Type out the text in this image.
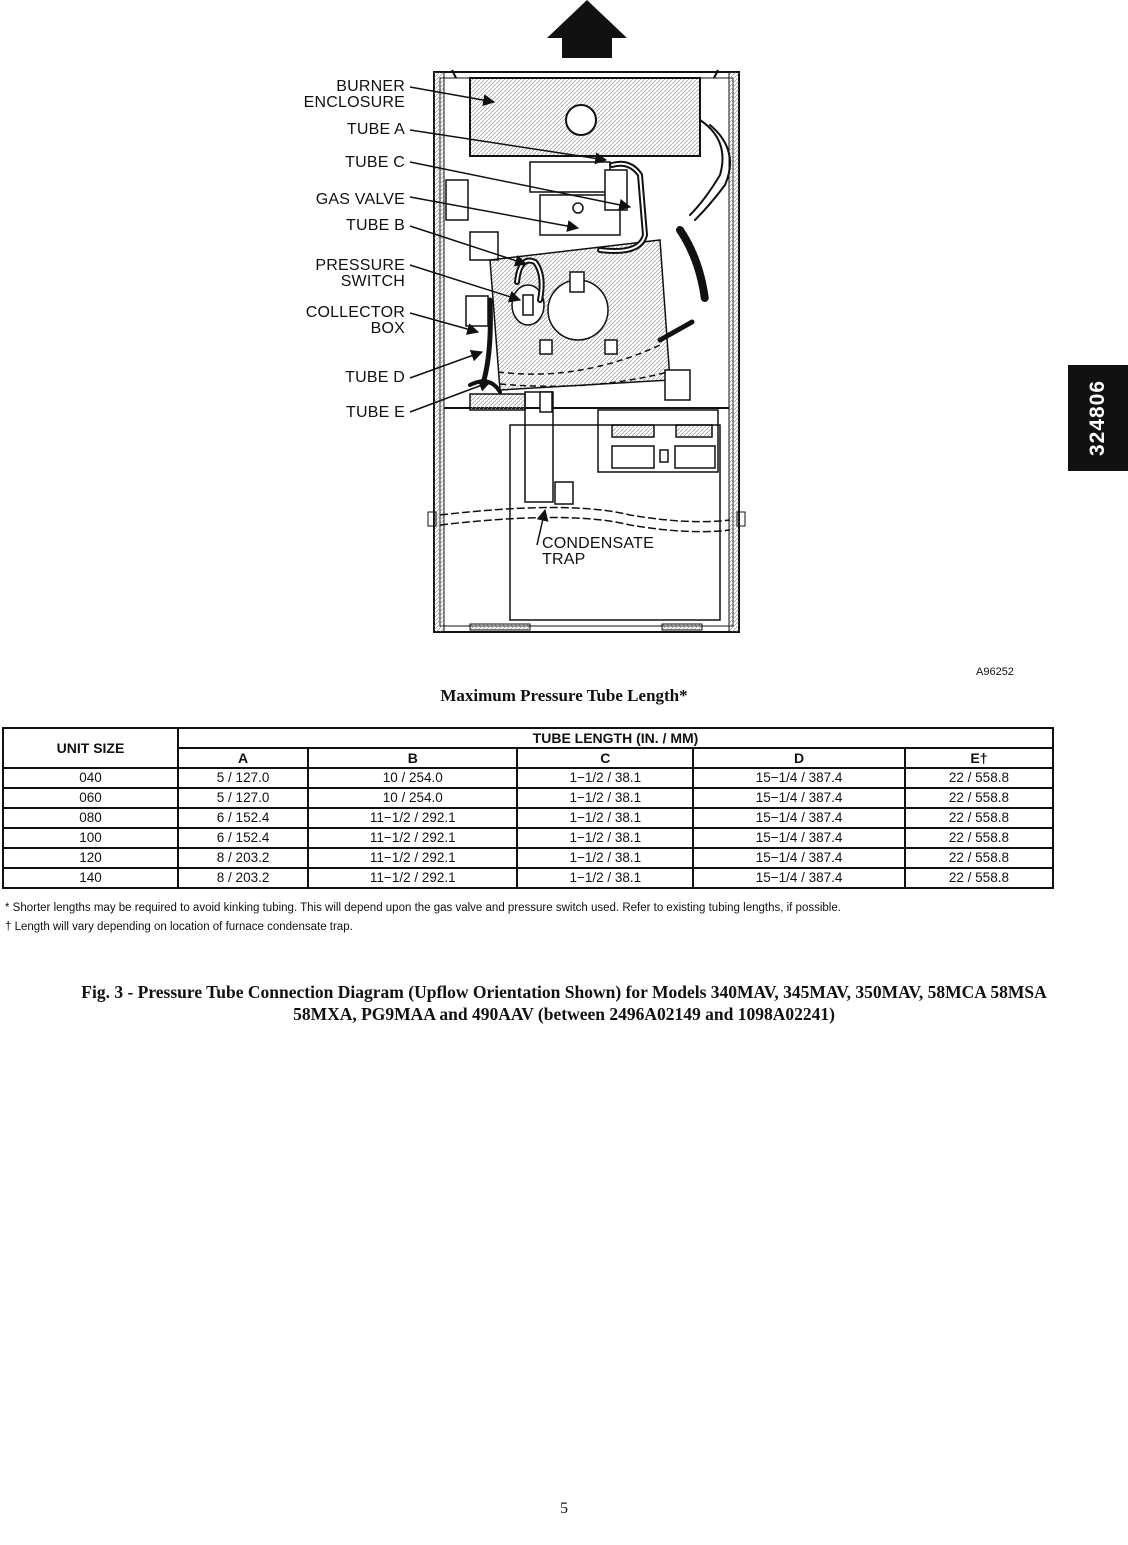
BURNER
ENCLOSURE
TUBE A
TUBE C
GAS VALVE
TUBE B
PRESSURE
SWITCH
COLLECTOR
BOX
TUBE D
TUBE E
CONDENSATE
TRAP
324806
A96252
Maximum Pressure Tube Length*
UNIT SIZE	TUBE LENGTH (IN. / MM)				
	A	B	C	D	E†
040	5 / 127.0	10 / 254.0	1−1/2 / 38.1	15−1/4 / 387.4	22 / 558.8
060	5 / 127.0	10 / 254.0	1−1/2 / 38.1	15−1/4 / 387.4	22 / 558.8
080	6 / 152.4	11−1/2 / 292.1	1−1/2 / 38.1	15−1/4 / 387.4	22 / 558.8
100	6 / 152.4	11−1/2 / 292.1	1−1/2 / 38.1	15−1/4 / 387.4	22 / 558.8
120	8 / 203.2	11−1/2 / 292.1	1−1/2 / 38.1	15−1/4 / 387.4	22 / 558.8
140	8 / 203.2	11−1/2 / 292.1	1−1/2 / 38.1	15−1/4 / 387.4	22 / 558.8

* Shorter lengths may be required to avoid kinking tubing. This will depend upon the gas valve and pressure switch used. Refer to existing tubing lengths, if possible.

† Length will vary depending on location of furnace condensate trap.

Fig. 3 - Pressure Tube Connection Diagram (Upflow Orientation Shown) for Models 340MAV, 345MAV, 350MAV, 58MCA 58MSA
58MXA, PG9MAA and 490AAV (between 2496A02149 and 1098A02241)
5
